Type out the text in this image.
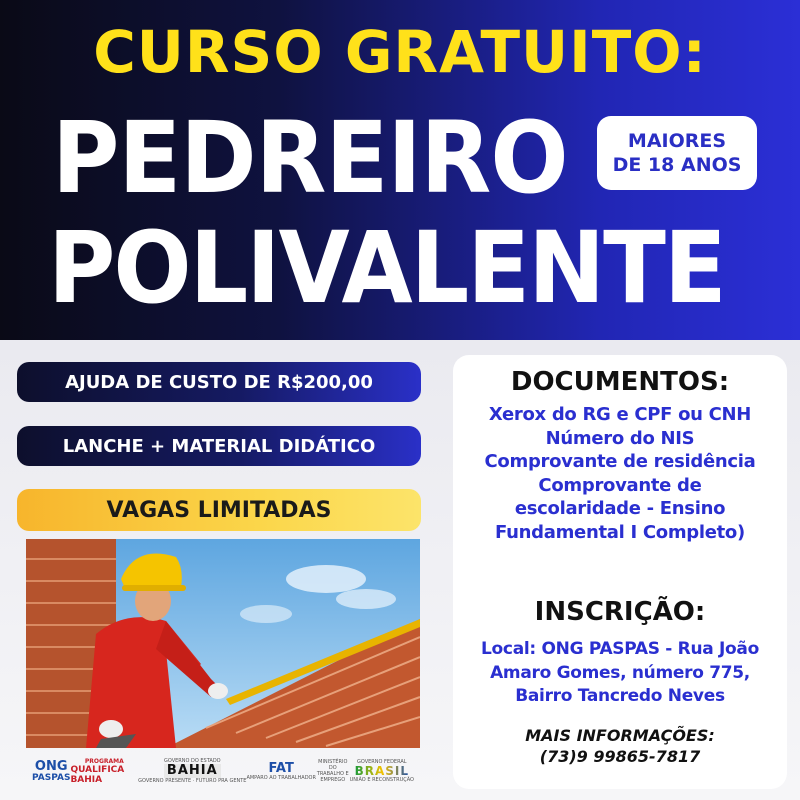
CURSO GRATUITO:
PEDREIRO
POLIVALENTE
MAIORES
DE 18 ANOS
AJUDA DE CUSTO DE R$200,00
LANCHE + MATERIAL DIDÁTICO
VAGAS LIMITADAS
ONG
PASPAS
PROGRAMA
QUALIFICA BAHIA
GOVERNO DO ESTADO
BAHIA
GOVERNO PRESENTE · FUTURO PRA GENTE
FAT
AMPARO AO TRABALHADOR
MINISTÉRIO DO TRABALHO E EMPREGO
GOVERNO FEDERAL
BRASIL
UNIÃO E RECONSTRUÇÃO
DOCUMENTOS:
Xerox do RG e CPF ou CNH
Número do NIS
Comprovante de residência
Comprovante de
escolaridade - Ensino
Fundamental I Completo)
INSCRIÇÃO:
Local: ONG PASPAS - Rua João
Amaro Gomes, número 775,
Bairro Tancredo Neves
MAIS INFORMAÇÕES:
(73)9 99865-7817
